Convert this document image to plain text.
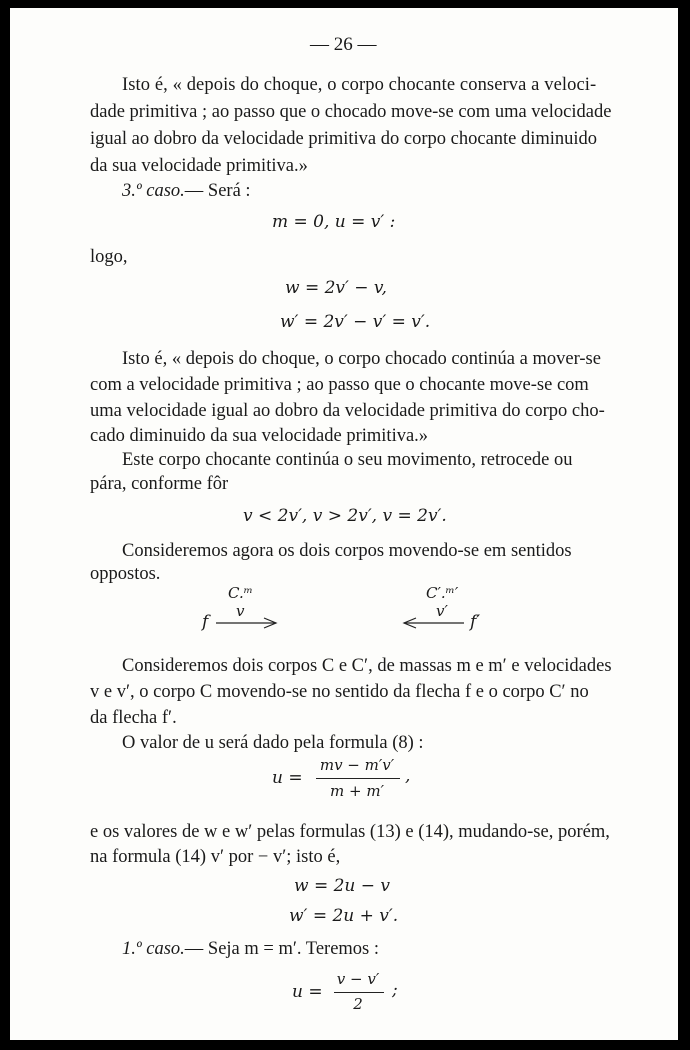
— 26 —
Isto é, « depois do choque, o corpo chocante conserva a veloci-
dade primitiva ; ao passo que o chocado move-se com uma velocidade
igual ao dobro da velocidade primitiva do corpo chocante diminuido
da sua velocidade primitiva.»
3.º caso.— Será :
m = 0, u = v′ :
logo,
w = 2v′ − v,
w′ = 2v′ − v′ = v′.
Isto é, « depois do choque, o corpo chocado continúa a mover-se
com a velocidade primitiva ; ao passo que o chocante move-se com
uma velocidade igual ao dobro da velocidade primitiva do corpo cho-
cado diminuido da sua velocidade primitiva.»
Este corpo chocante continúa o seu movimento, retrocede ou
pára, conforme fôr
v < 2v′, v > 2v′, v = 2v′.
Consideremos agora os dois corpos movendo-se em sentidos
oppostos.
C.ᵐ
v
f
C′.ᵐ′
v′
f′
Consideremos dois corpos C e C′, de massas m e m′ e velocidades
v e v′, o corpo C movendo-se no sentido da flecha f e o corpo C′ no
da flecha f′.
O valor de u será dado pela formula (8) :
u =
mv − m′v′
m + m′
,
e os valores de w e w′ pelas formulas (13) e (14), mudando-se, porém,
na formula (14) v′ por − v′; isto é,
w = 2u − v
w′ = 2u + v′.
1.º caso.— Seja m = m′. Teremos :
u =
v − v′
2
;
